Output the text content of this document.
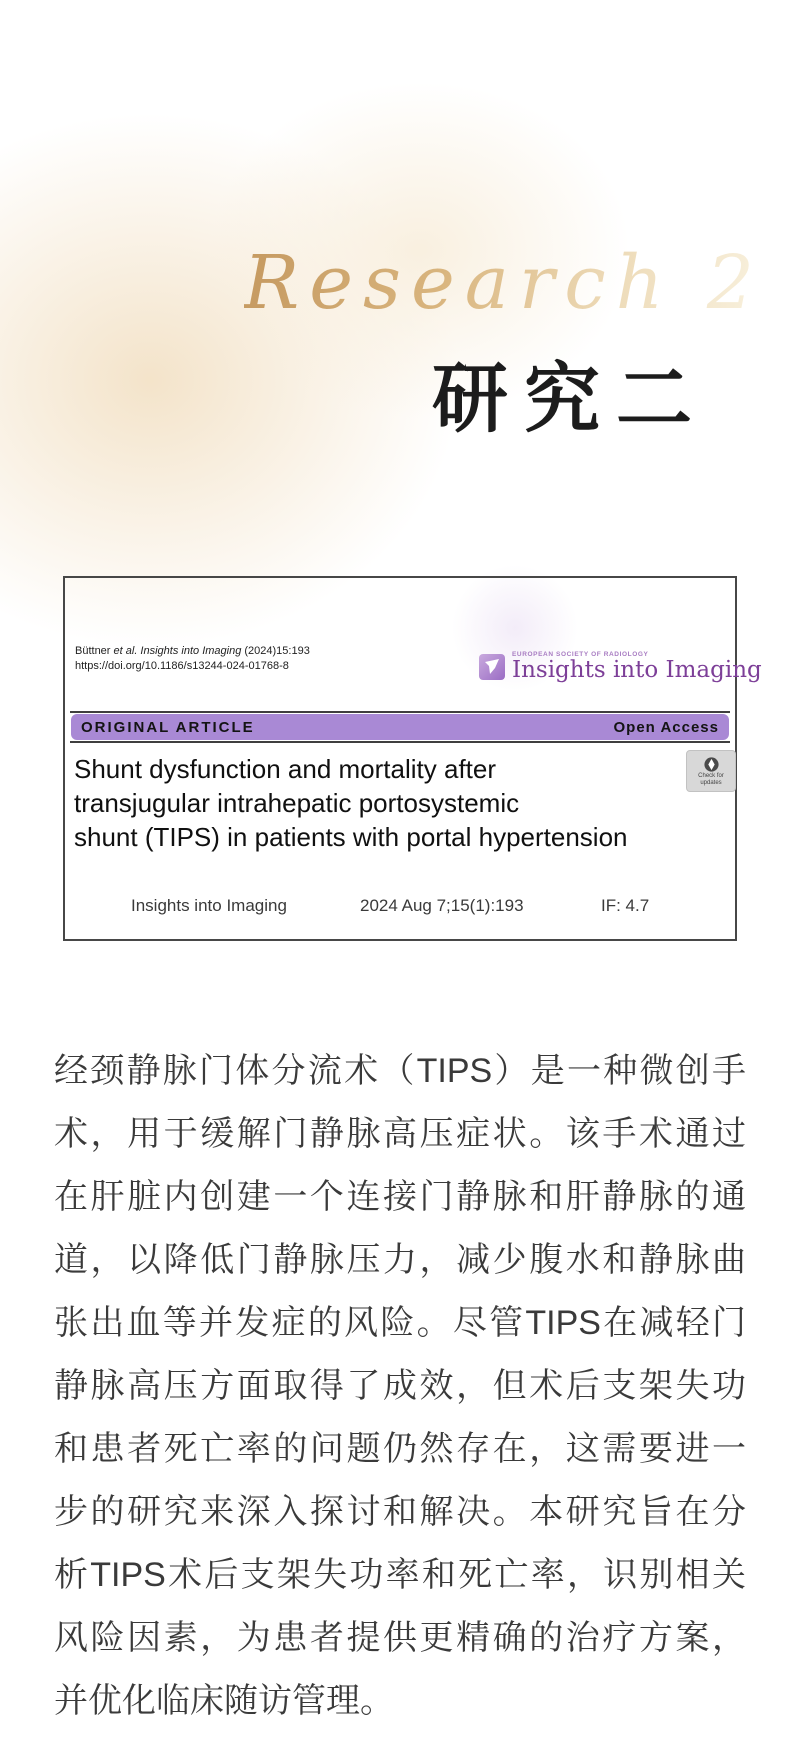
Research 2
研究二
Büttner et al. Insights into Imaging (2024)15:193
https://doi.org/10.1186/s13244-024-01768-8
EUROPEAN SOCIETY OF RADIOLOGY
Insights into Imaging
ORIGINAL ARTICLE	Open Access
Shunt dysfunction and mortality after
transjugular intrahepatic portosystemic
shunt (TIPS) in patients with portal hypertension
Check for
updates
Insights into Imaging	2024 Aug 7;15(1):193	IF: 4.7
经颈静脉门体分流术（TIPS）是一种微创手
术，用于缓解门静脉高压症状。该手术通过
在肝脏内创建一个连接门静脉和肝静脉的通
道，以降低门静脉压力，减少腹水和静脉曲
张出血等并发症的风险。尽管TIPS在减轻门
静脉高压方面取得了成效，但术后支架失功
和患者死亡率的问题仍然存在，这需要进一
步的研究来深入探讨和解决。本研究旨在分
析TIPS术后支架失功率和死亡率，识别相关
风险因素，为患者提供更精确的治疗方案，
并优化临床随访管理。
